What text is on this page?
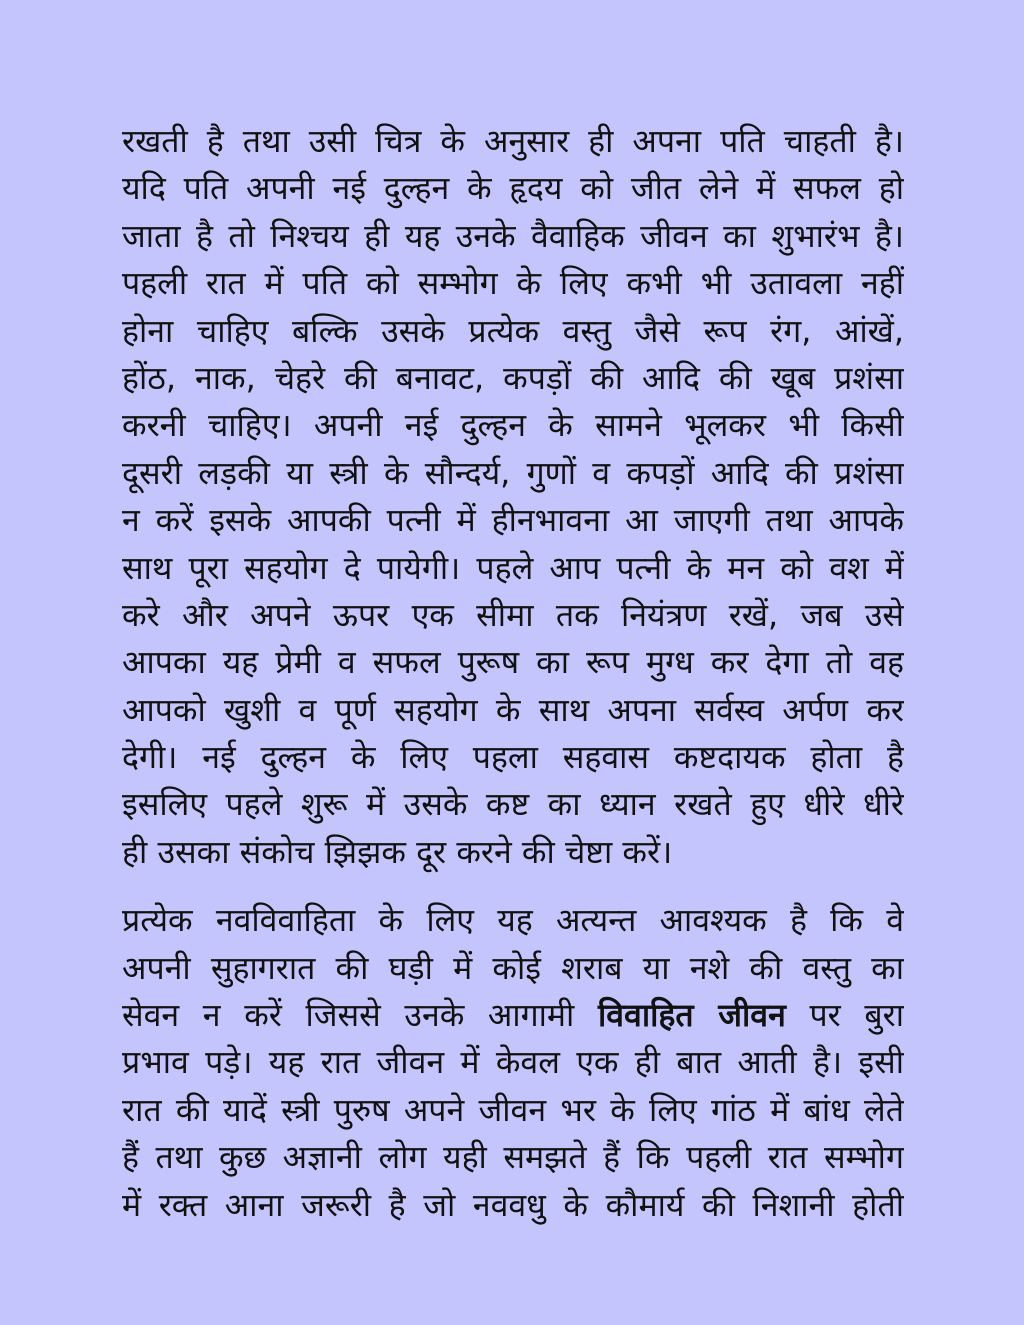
रखती है तथा उसी चित्र के अनुसार ही अपना पति चाहती है।
यदि पति अपनी नई दुल्हन के हृदय को जीत लेने में सफल हो
जाता है तो निश्चय ही यह उनके वैवाहिक जीवन का शुभारंभ है।
पहली रात में पति को सम्भोग के लिए कभी भी उतावला नहीं
होना चाहिए बल्कि उसके प्रत्येक वस्तु जैसे रूप रंग, आंखें,
होंठ, नाक, चेहरे की बनावट, कपड़ों की आदि की खूब प्रशंसा
करनी चाहिए। अपनी नई दुल्हन के सामने भूलकर भी किसी
दूसरी लड़की या स्त्री के सौन्दर्य, गुणों व कपड़ों आदि की प्रशंसा
न करें इसके आपकी पत्नी में हीनभावना आ जाएगी तथा आपके
साथ पूरा सहयोग दे पायेगी। पहले आप पत्नी के मन को वश में
करे और अपने ऊपर एक सीमा तक नियंत्रण रखें, जब उसे
आपका यह प्रेमी व सफल पुरूष का रूप मुग्ध कर देगा तो वह
आपको खुशी व पूर्ण सहयोग के साथ अपना सर्वस्व अर्पण कर
देगी। नई दुल्हन के लिए पहला सहवास कष्टदायक होता है
इसलिए पहले शुरू में उसके कष्ट का ध्यान रखते हुए धीरे धीरे
ही उसका संकोच झिझक दूर करने की चेष्टा करें।
प्रत्येक नवविवाहिता के लिए यह अत्यन्त आवश्यक है कि वे
अपनी सुहागरात की घड़ी में कोई शराब या नशे की वस्तु का
सेवन न करें जिससे उनके आगामी विवाहित जीवन पर बुरा
प्रभाव पड़े। यह रात जीवन में केवल एक ही बात आती है। इसी
रात की यादें स्त्री पुरुष अपने जीवन भर के लिए गांठ में बांध लेते
हैं तथा कुछ अज्ञानी लोग यही समझते हैं कि पहली रात सम्भोग
में रक्त आना जरूरी है जो नववधु के कौमार्य की निशानी होती
